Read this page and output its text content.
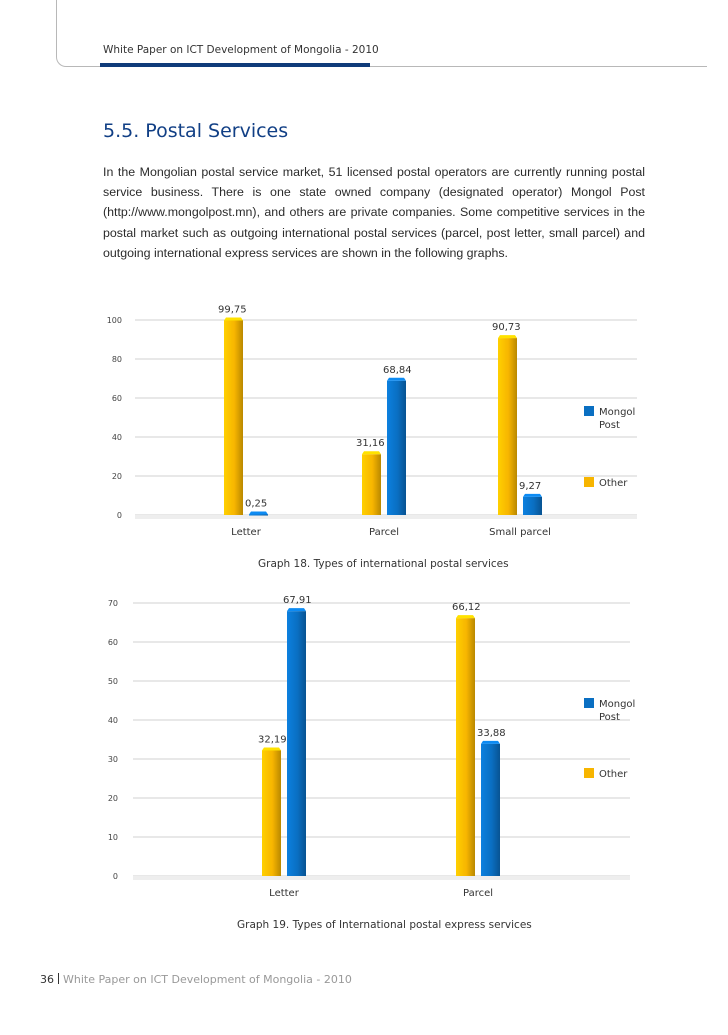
White Paper on ICT Development of Mongolia - 2010
5.5. Postal Services

In the Mongolian postal service market, 51 licensed postal operators are currently running postal service business. There is one state owned company (designated operator) Mongol Post (http://www.mongolpost.mn), and others are private companies. Some competitive services in the postal market such as outgoing international postal services (parcel, post letter, small parcel) and outgoing international express services are shown in the following graphs.

0
20
40
60
80
100
99,75
0,25
Letter
31,16
68,84
Parcel
90,73
9,27
Small parcel
Mongol Post
Other
Graph 18. Types of international postal services
0
10
20
30
40
50
60
70
32,19
67,91
Letter
66,12
33,88
Parcel
Mongol Post
Other
Graph 19. Types of International postal express services
36 White Paper on ICT Development of Mongolia - 2010
